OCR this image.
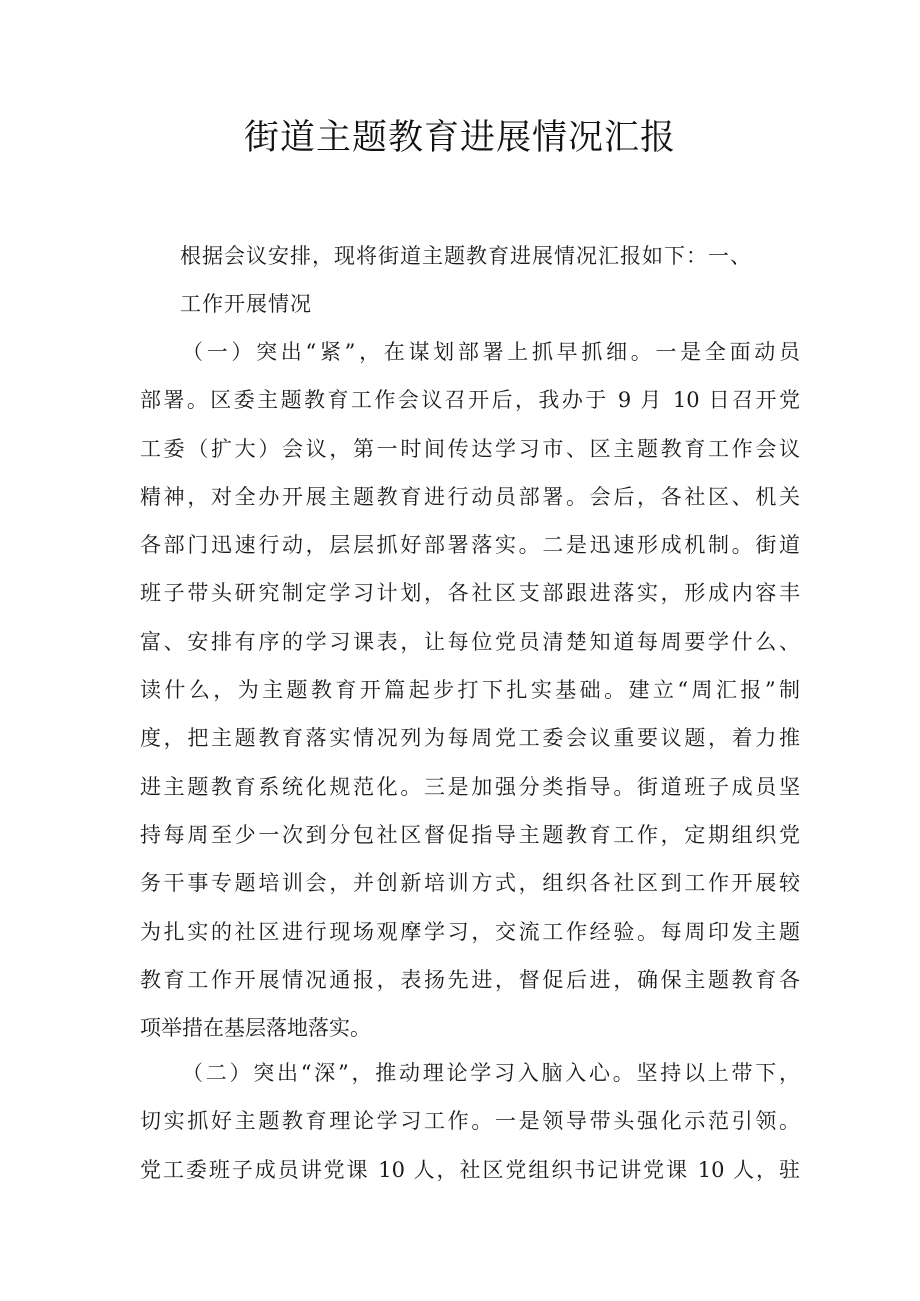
街道主题教育进展情况汇报

根据会议安排，现将街道主题教育进展情况汇报如下：一、

工作开展情况

（一）突出“紧”，在谋划部署上抓早抓细。一是全面动员
部署。区委主题教育工作会议召开后，我办于 9 月 10 日召开党
工委（扩大）会议，第一时间传达学习市、区主题教育工作会议
精神，对全办开展主题教育进行动员部署。会后，各社区、机关
各部门迅速行动，层层抓好部署落实。二是迅速形成机制。街道
班子带头研究制定学习计划，各社区支部跟进落实，形成内容丰
富、安排有序的学习课表，让每位党员清楚知道每周要学什么、
读什么，为主题教育开篇起步打下扎实基础。建立“周汇报”制
度，把主题教育落实情况列为每周党工委会议重要议题，着力推
进主题教育系统化规范化。三是加强分类指导。街道班子成员坚
持每周至少一次到分包社区督促指导主题教育工作，定期组织党
务干事专题培训会，并创新培训方式，组织各社区到工作开展较
为扎实的社区进行现场观摩学习，交流工作经验。每周印发主题
教育工作开展情况通报，表扬先进，督促后进，确保主题教育各
项举措在基层落地落实。
（二）突出“深”，推动理论学习入脑入心。坚持以上带下，
切实抓好主题教育理论学习工作。一是领导带头强化示范引领。
党工委班子成员讲党课 10 人，社区党组织书记讲党课 10 人，驻
